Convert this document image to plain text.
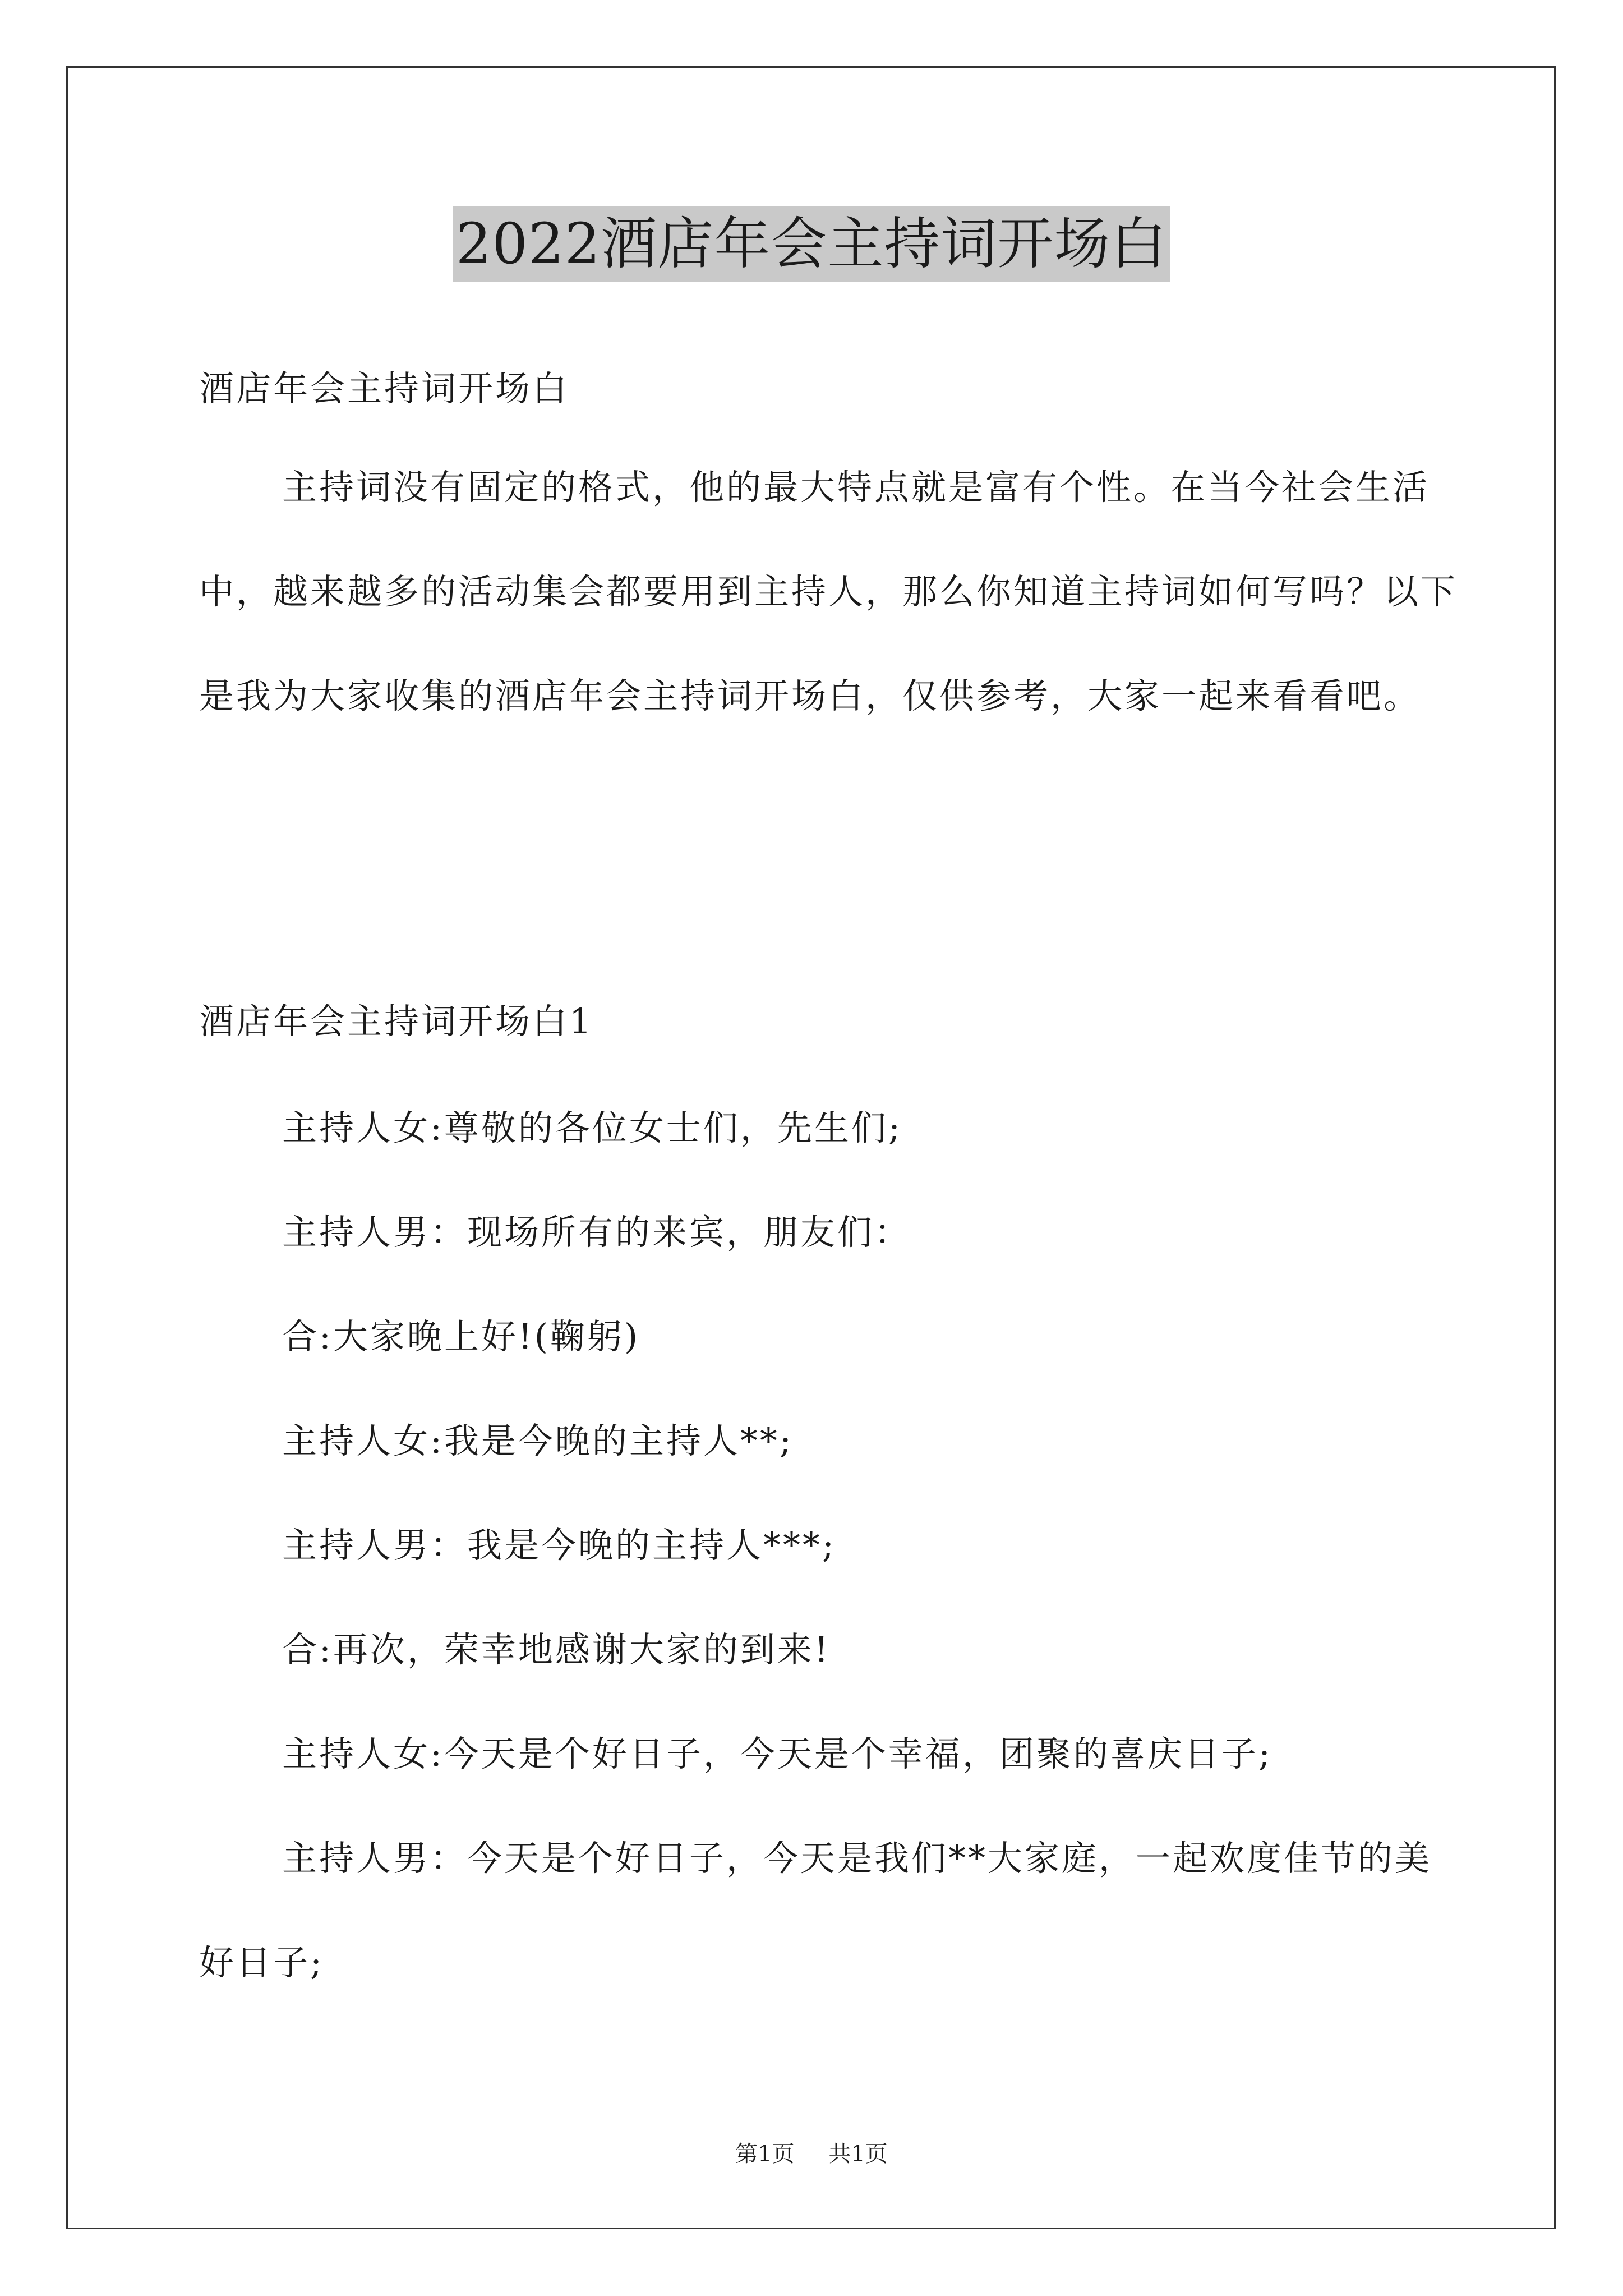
2022酒店年会主持词开场白

酒店年会主持词开场白

主持词没有固定的格式，他的最大特点就是富有个性。在当今社会生活中，越来越多的活动集会都要用到主持人，那么你知道主持词如何写吗？以下是我为大家收集的酒店年会主持词开场白，仅供参考，大家一起来看看吧。

酒店年会主持词开场白1

主持人女:尊敬的各位女士们，先生们;

主持人男：现场所有的来宾，朋友们：

合:大家晚上好!(鞠躬)

主持人女:我是今晚的主持人**;

主持人男：我是今晚的主持人***;

合:再次，荣幸地感谢大家的到来!

主持人女:今天是个好日子，今天是个幸福，团聚的喜庆日子;

主持人男：今天是个好日子，今天是我们**大家庭，一起欢度佳节的美好日子;

第1页 共1页
